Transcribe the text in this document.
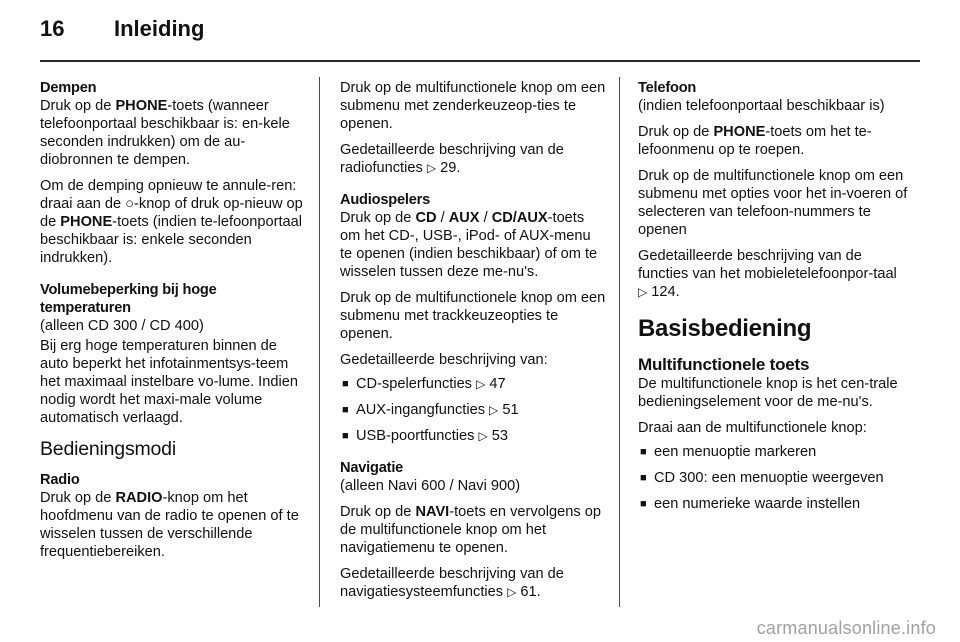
16 Inleiding
Dempen

Druk op de PHONE-toets (wanneer telefoonportaal beschikbaar is: en-kele seconden indrukken) om de au-diobronnen te dempen.

Om de demping opnieuw te annule-ren: draai aan de ○-knop of druk op-nieuw op de PHONE-toets (indien te-lefoonportaal beschikbaar is: enkele seconden indrukken).

Volumebeperking bij hoge temperaturen

(alleen CD 300 / CD 400)

Bij erg hoge temperaturen binnen de auto beperkt het infotainmentsys-teem het maximaal instelbare vo-lume. Indien nodig wordt het maxi-male volume automatisch verlaagd.

Bedieningsmodi
Radio

Druk op de RADIO-knop om het hoofdmenu van de radio te openen of te wisselen tussen de verschillende frequentiebereiken.

Druk op de multifunctionele knop om een submenu met zenderkeuzeop-ties te openen.

Gedetailleerde beschrijving van de radiofuncties ▷ 29.

Audiospelers

Druk op de CD / AUX / CD/AUX-toets om het CD-, USB-, iPod- of AUX-menu te openen (indien beschikbaar) of om te wisselen tussen deze me-nu's.

Druk op de multifunctionele knop om een submenu met trackkeuzeopties te openen.

Gedetailleerde beschrijving van:

■ CD-spelerfuncties ▷ 47
■ AUX-ingangfuncties ▷ 51
■ USB-poortfuncties ▷ 53
Navigatie

(alleen Navi 600 / Navi 900)

Druk op de NAVI-toets en vervolgens op de multifunctionele knop om het navigatiemenu te openen.

Gedetailleerde beschrijving van de navigatiesysteemfuncties ▷ 61.

Telefoon

(indien telefoonportaal beschikbaar is)

Druk op de PHONE-toets om het te-lefoonmenu op te roepen.

Druk op de multifunctionele knop om een submenu met opties voor het in-voeren of selecteren van telefoon-nummers te openen

Gedetailleerde beschrijving van de functies van het mobieletelefoonpor-taal ▷ 124.

Basisbediening
Multifunctionele toets

De multifunctionele knop is het cen-trale bedieningselement voor de me-nu's.

Draai aan de multifunctionele knop:

■ een menuoptie markeren
■ CD 300: een menuoptie weergeven
■ een numerieke waarde instellen
carmanualsonline.info
